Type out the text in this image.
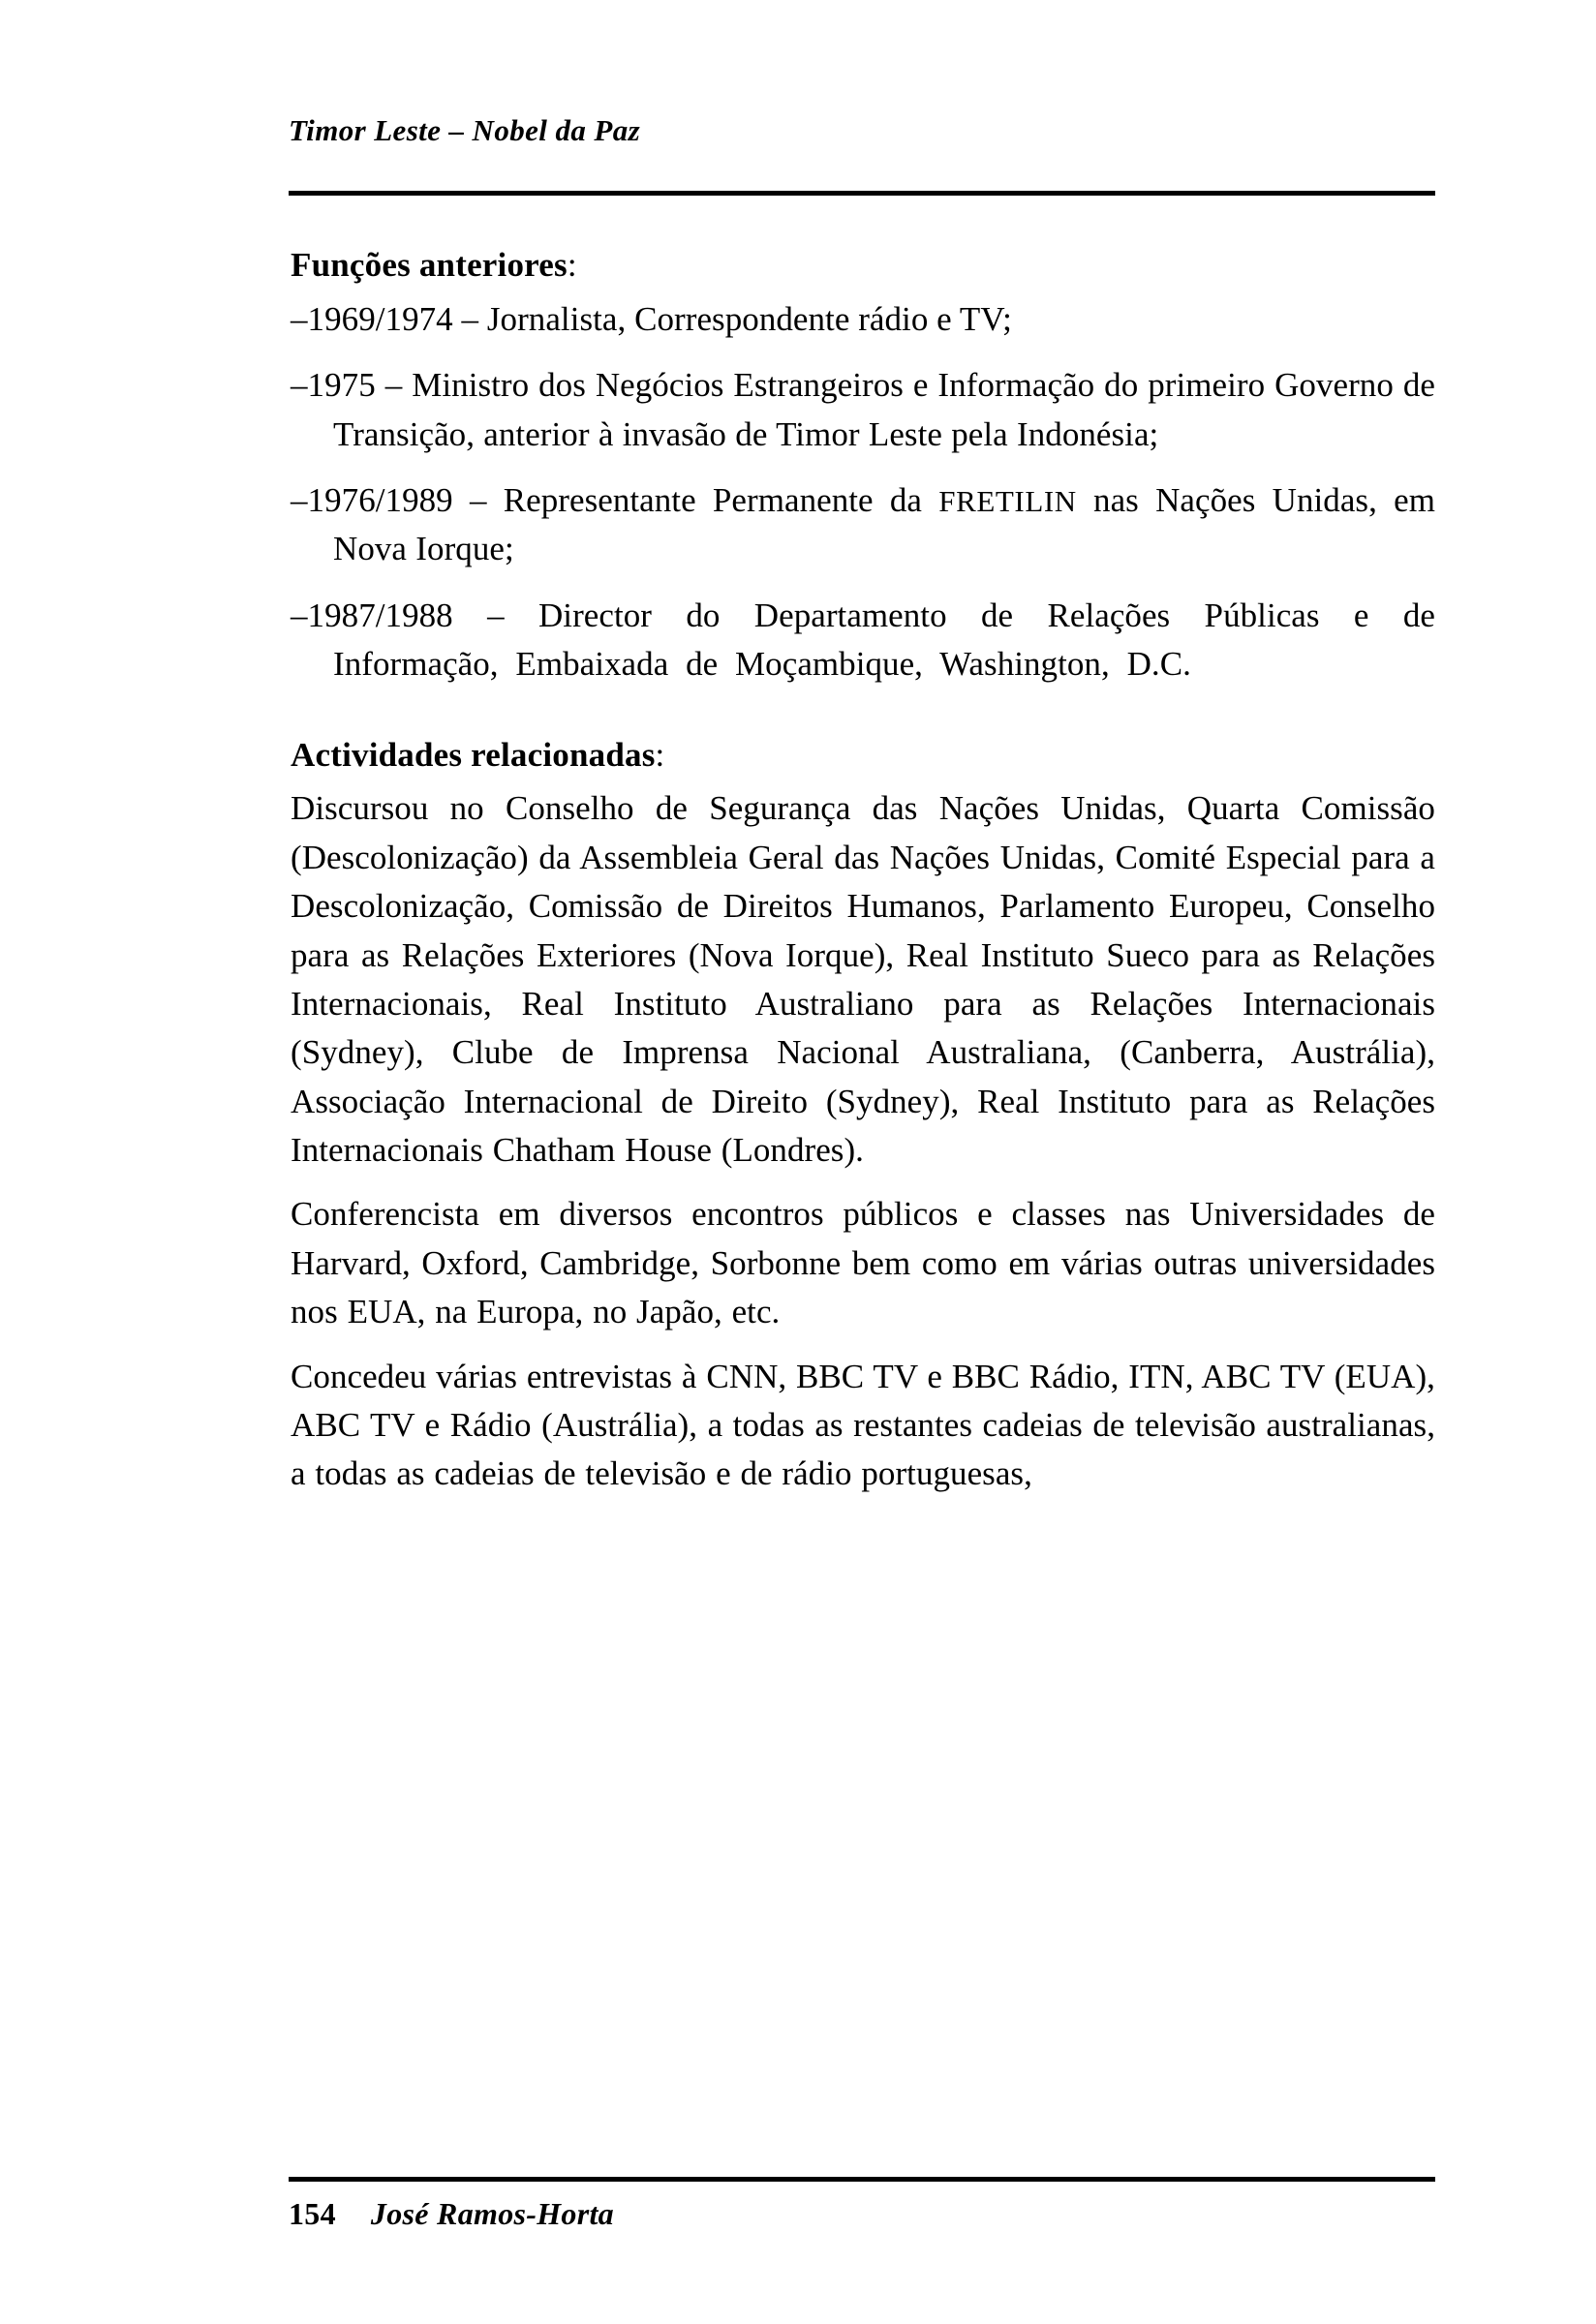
Timor Leste – Nobel da Paz

Funções anteriores:

–1969/1974 – Jornalista, Correspondente rádio e TV;

–1975 – Ministro dos Negócios Estrangeiros e Informação do primeiro Governo de Transição, anterior à invasão de Timor Leste pela Indonésia;

–1976/1989 – Representante Permanente da FRETILIN nas Nações Unidas, em Nova Iorque;

–1987/1988 – Director do Departamento de Relações Públicas e de Informação, Embaixada de Moçambique, Washington, D.C.

Actividades relacionadas:

Discursou no Conselho de Segurança das Nações Unidas, Quarta Comissão (Descolonização) da Assembleia Geral das Nações Unidas, Comité Especial para a Descolonização, Comissão de Direitos Humanos, Parlamento Europeu, Conselho para as Relações Exteriores (Nova Iorque), Real Instituto Sueco para as Relações Internacionais, Real Instituto Australiano para as Relações Internacionais (Sydney), Clube de Imprensa Nacional Australiana, (Canberra, Austrália), Associação Internacional de Direito (Sydney), Real Instituto para as Relações Internacionais Chatham House (Londres).

Conferencista em diversos encontros públicos e classes nas Universidades de Harvard, Oxford, Cambridge, Sorbonne bem como em várias outras universidades nos EUA, na Europa, no Japão, etc.

Concedeu várias entrevistas à CNN, BBC TV e BBC Rádio, ITN, ABC TV (EUA), ABC TV e Rádio (Austrália), a todas as restantes cadeias de televisão australianas, a todas as cadeias de televisão e de rádio portuguesas,

154 José Ramos-Horta
